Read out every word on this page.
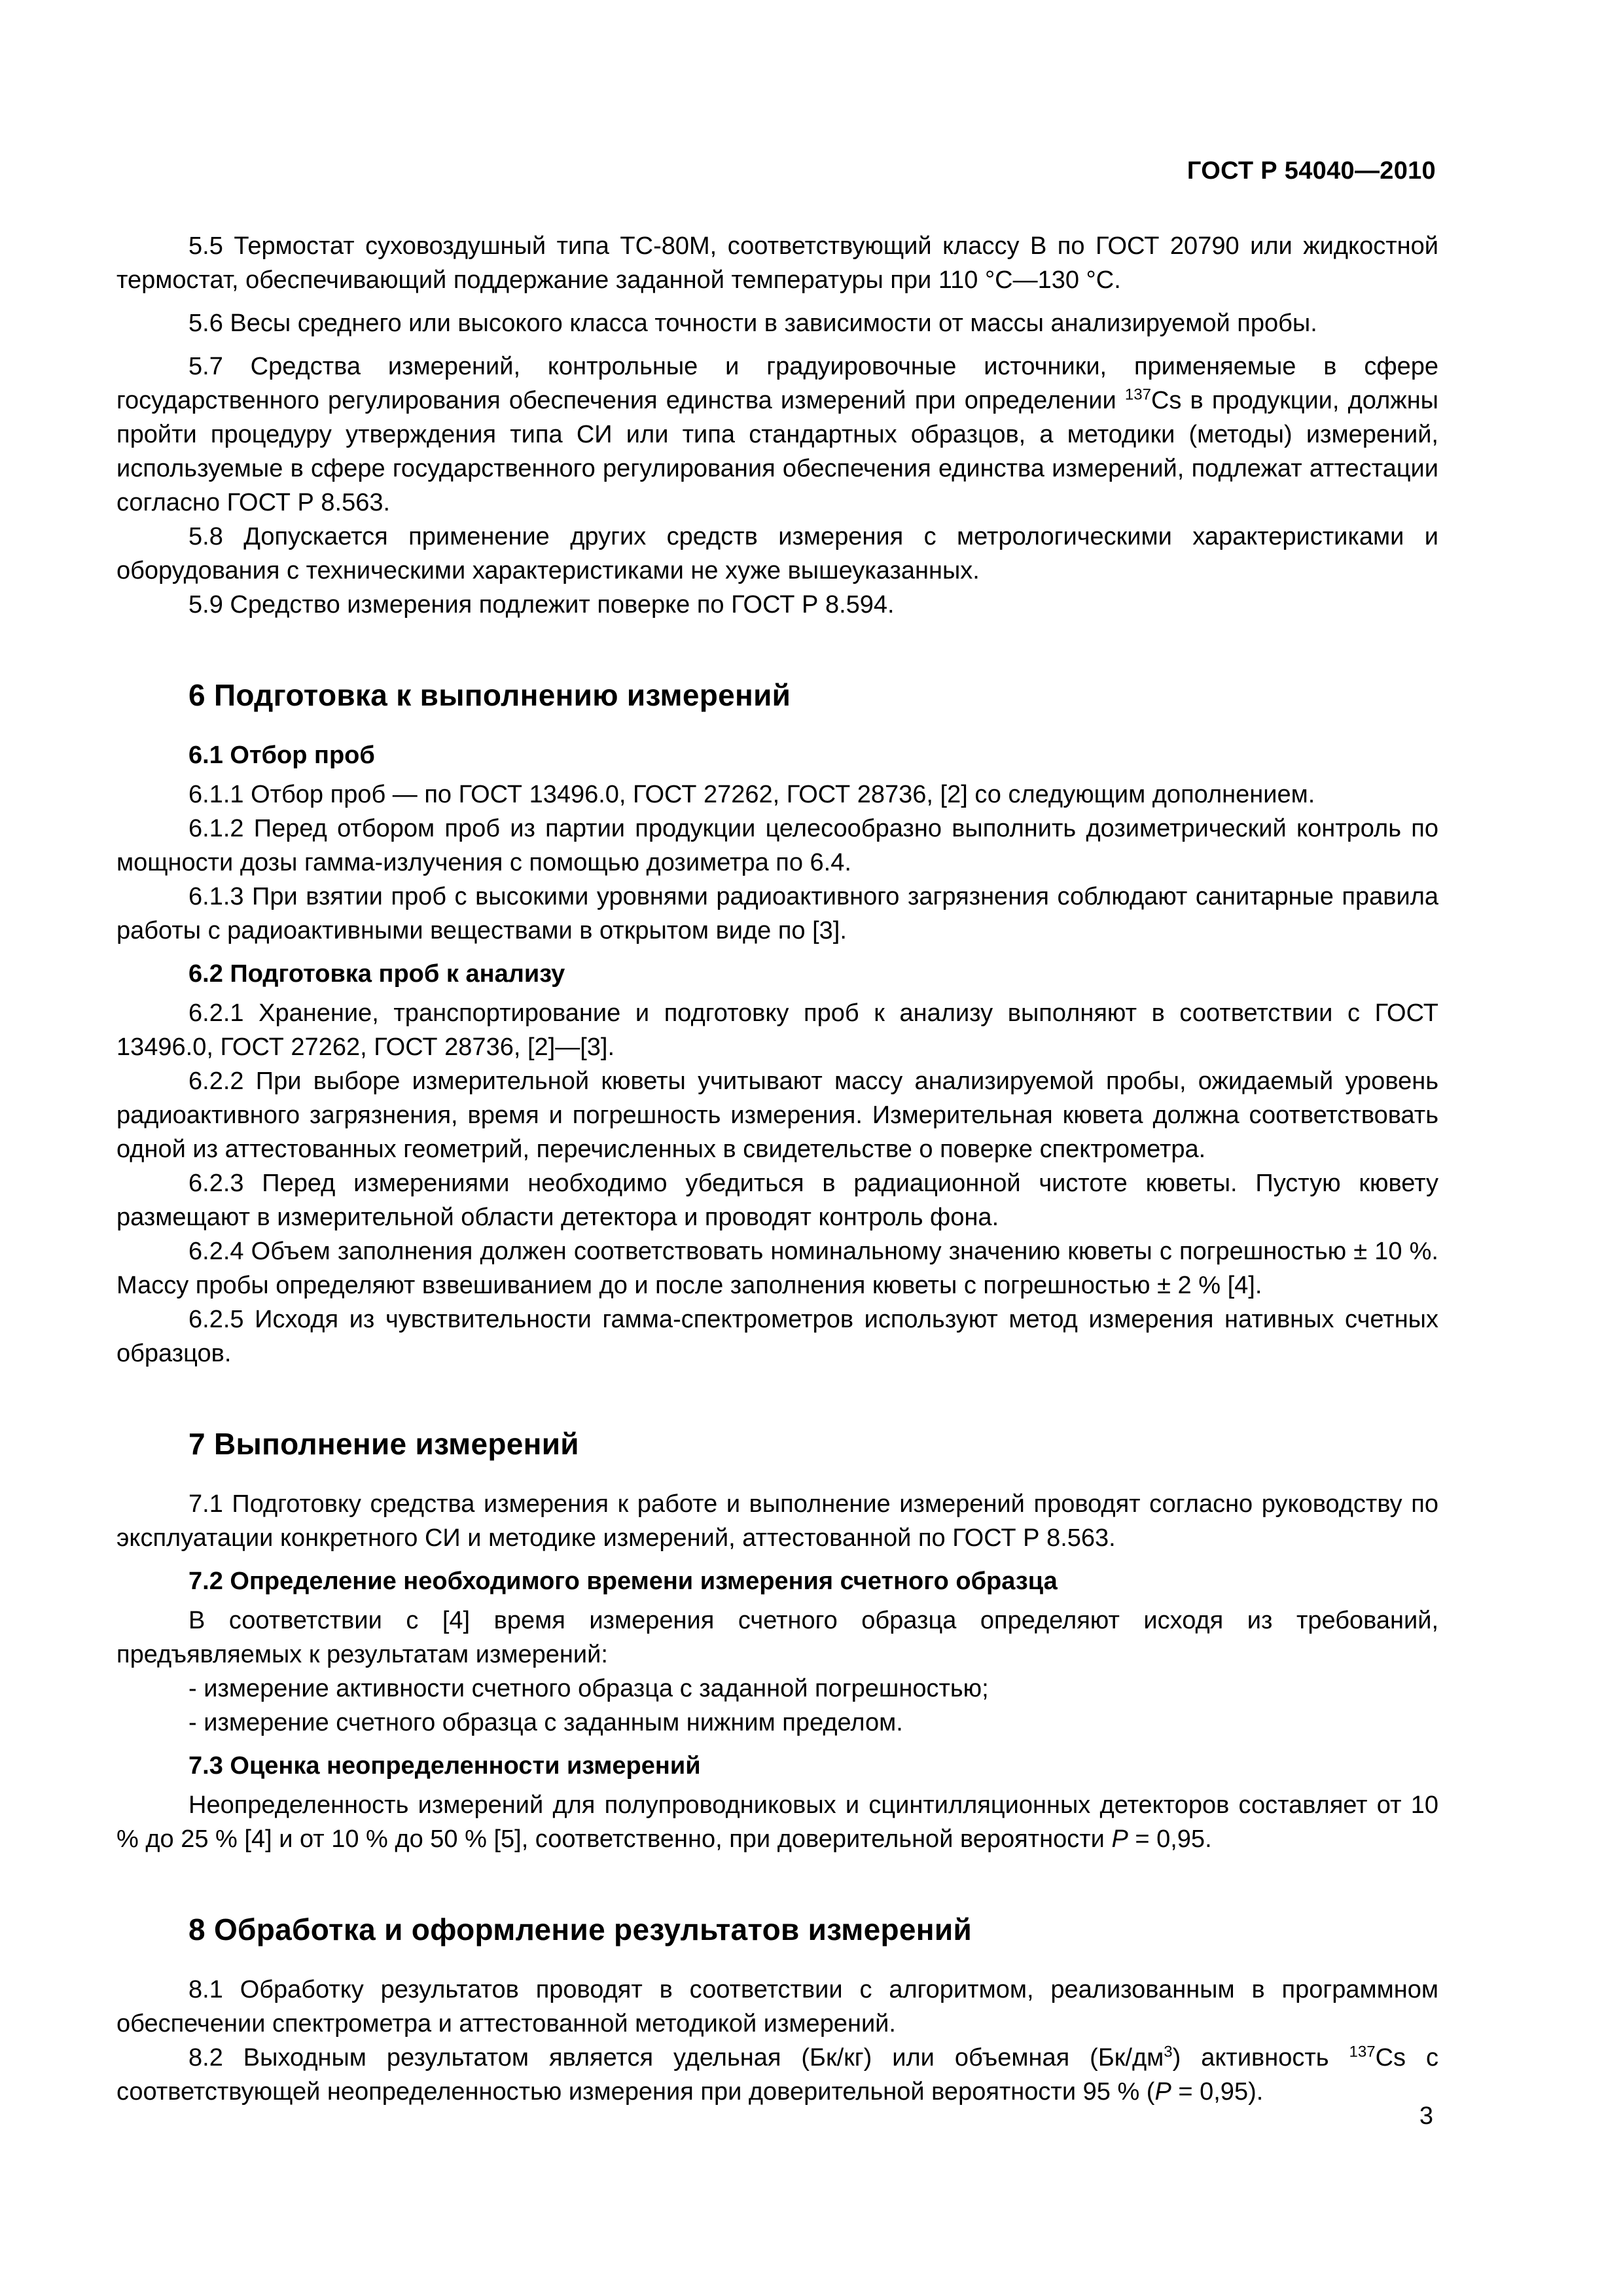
ГОСТ Р 54040—2010

5.5 Термостат суховоздушный типа ТС-80М, соответствующий классу В по ГОСТ 20790 или жидкостной термостат, обеспечивающий поддержание заданной температуры при 110 °С—130 °С.

5.6 Весы среднего или высокого класса точности в зависимости от массы анализируемой пробы.

5.7 Средства измерений, контрольные и градуировочные источники, применяемые в сфере государственного регулирования обеспечения единства измерений при определении $^{137}$Cs в продукции, должны пройти процедуру утверждения типа СИ или типа стандартных образцов, а методики (методы) измерений, используемые в сфере государственного регулирования обеспечения единства измерений, подлежат аттестации согласно ГОСТ Р 8.563.

5.8 Допускается применение других средств измерения с метрологическими характеристиками и оборудования с техническими характеристиками не хуже вышеуказанных.

5.9 Средство измерения подлежит поверке по ГОСТ Р 8.594.

6 Подготовка к выполнению измерений
6.1 Отбор проб

6.1.1 Отбор проб — по ГОСТ 13496.0, ГОСТ 27262, ГОСТ 28736, [2] со следующим дополнением.

6.1.2 Перед отбором проб из партии продукции целесообразно выполнить дозиметрический контроль по мощности дозы гамма-излучения с помощью дозиметра по 6.4.

6.1.3 При взятии проб с высокими уровнями радиоактивного загрязнения соблюдают санитарные правила работы с радиоактивными веществами в открытом виде по [3].

6.2 Подготовка проб к анализу

6.2.1 Хранение, транспортирование и подготовку проб к анализу выполняют в соответствии с ГОСТ 13496.0, ГОСТ 27262, ГОСТ 28736, [2]—[3].

6.2.2 При выборе измерительной кюветы учитывают массу анализируемой пробы, ожидаемый уровень радиоактивного загрязнения, время и погрешность измерения. Измерительная кювета должна соответствовать одной из аттестованных геометрий, перечисленных в свидетельстве о поверке спектрометра.

6.2.3 Перед измерениями необходимо убедиться в радиационной чистоте кюветы. Пустую кювету размещают в измерительной области детектора и проводят контроль фона.

6.2.4 Объем заполнения должен соответствовать номинальному значению кюветы с погрешностью ± 10 %. Массу пробы определяют взвешиванием до и после заполнения кюветы с погрешностью ± 2 % [4].

6.2.5 Исходя из чувствительности гамма-спектрометров используют метод измерения нативных счетных образцов.

7 Выполнение измерений

7.1 Подготовку средства измерения к работе и выполнение измерений проводят согласно руководству по эксплуатации конкретного СИ и методике измерений, аттестованной по ГОСТ Р 8.563.

7.2 Определение необходимого времени измерения счетного образца

В соответствии с [4] время измерения счетного образца определяют исходя из требований, предъявляемых к результатам измерений:

- измерение активности счетного образца с заданной погрешностью;
- измерение счетного образца с заданным нижним пределом.
7.3 Оценка неопределенности измерений

Неопределенность измерений для полупроводниковых и сцинтилляционных детекторов составляет от 10 % до 25 % [4] и от 10 % до 50 % [5], соответственно, при доверительной вероятности P = 0,95.

8 Обработка и оформление результатов измерений

8.1 Обработку результатов проводят в соответствии с алгоритмом, реализованным в программном обеспечении спектрометра и аттестованной методикой измерений.

8.2 Выходным результатом является удельная (Бк/кг) или объемная $(Бк/дм^3)$ активность $^{137}$Cs с соответствующей неопределенностью измерения при доверительной вероятности 95 % (P = 0,95).

3
